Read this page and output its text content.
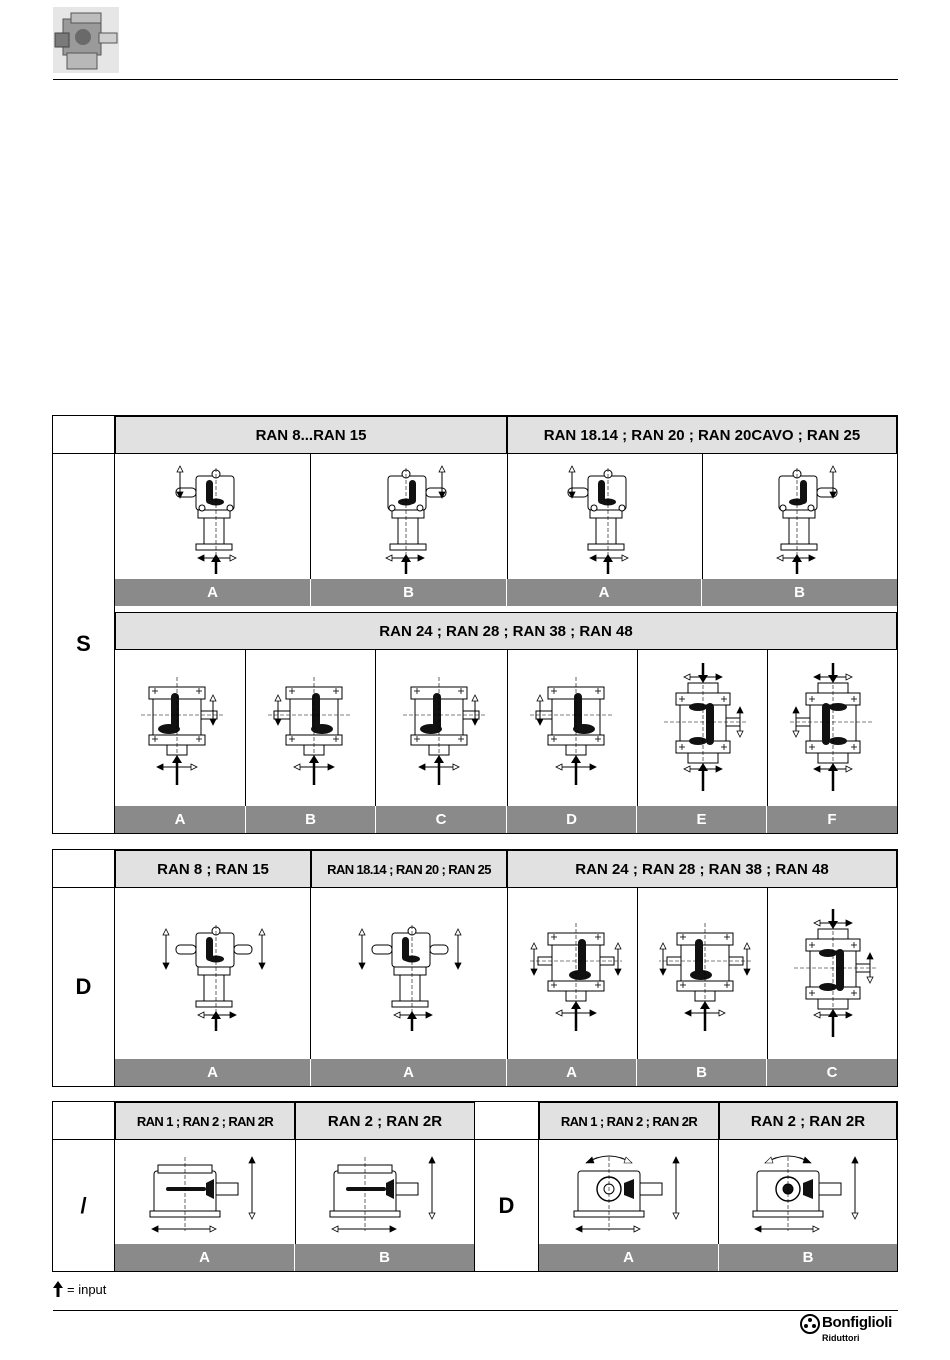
S
RAN 8...RAN 15	RAN 18.14 ; RAN 20 ; RAN 20CAVO ; RAN 25
A	B	A	B
RAN 24 ; RAN 28 ; RAN 38 ; RAN 48
A	B	C	D	E	F
D
RAN 8 ; RAN 15	RAN 18.14 ; RAN 20 ; RAN 25	RAN 24 ; RAN 28 ; RAN 38 ; RAN 48
A	A	A	B	C
/
RAN 1 ; RAN 2 ; RAN 2R	RAN 2 ; RAN 2R
D
RAN 1 ; RAN 2 ; RAN 2R	RAN 2 ; RAN 2R
A	B	A	B
= input
Bonfiglioli
Riduttori
